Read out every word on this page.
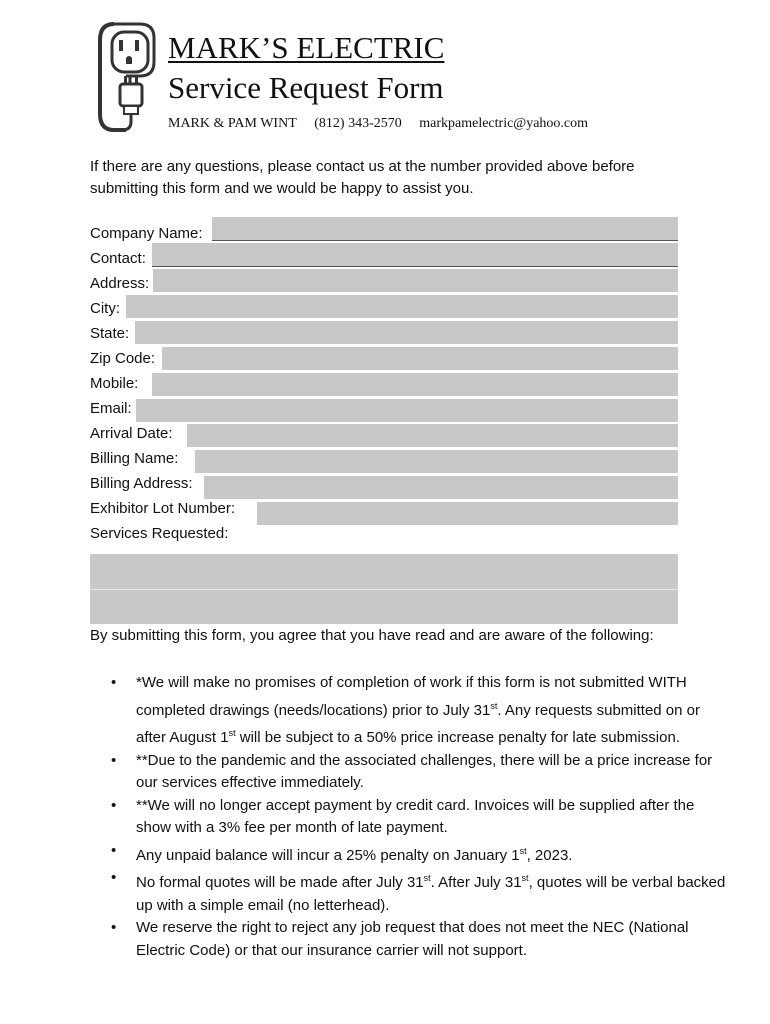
MARK’S ELECTRIC
Service Request Form
MARK & PAM WINT (812) 343-2570 markpamelectric@yahoo.com
If there are any questions, please contact us at the number provided above before submitting this form and we would be happy to assist you.
Company Name:
Contact:
Address:
City:
State:
Zip Code:
Mobile:
Email:
Arrival Date:
Billing Name:
Billing Address:
Exhibitor Lot Number:
Services Requested:
By submitting this form, you agree that you have read and are aware of the following:
• *We will make no promises of completion of work if this form is not submitted WITH completed drawings (needs/locations) prior to July 31st. Any requests submitted on or after August 1st will be subject to a 50% price increase penalty for late submission.
• **Due to the pandemic and the associated challenges, there will be a price increase for our services effective immediately.
• **We will no longer accept payment by credit card. Invoices will be supplied after the show with a 3% fee per month of late payment.
• Any unpaid balance will incur a 25% penalty on January 1st, 2023.
• No formal quotes will be made after July 31st. After July 31st, quotes will be verbal backed up with a simple email (no letterhead).
• We reserve the right to reject any job request that does not meet the NEC (National Electric Code) or that our insurance carrier will not support.
